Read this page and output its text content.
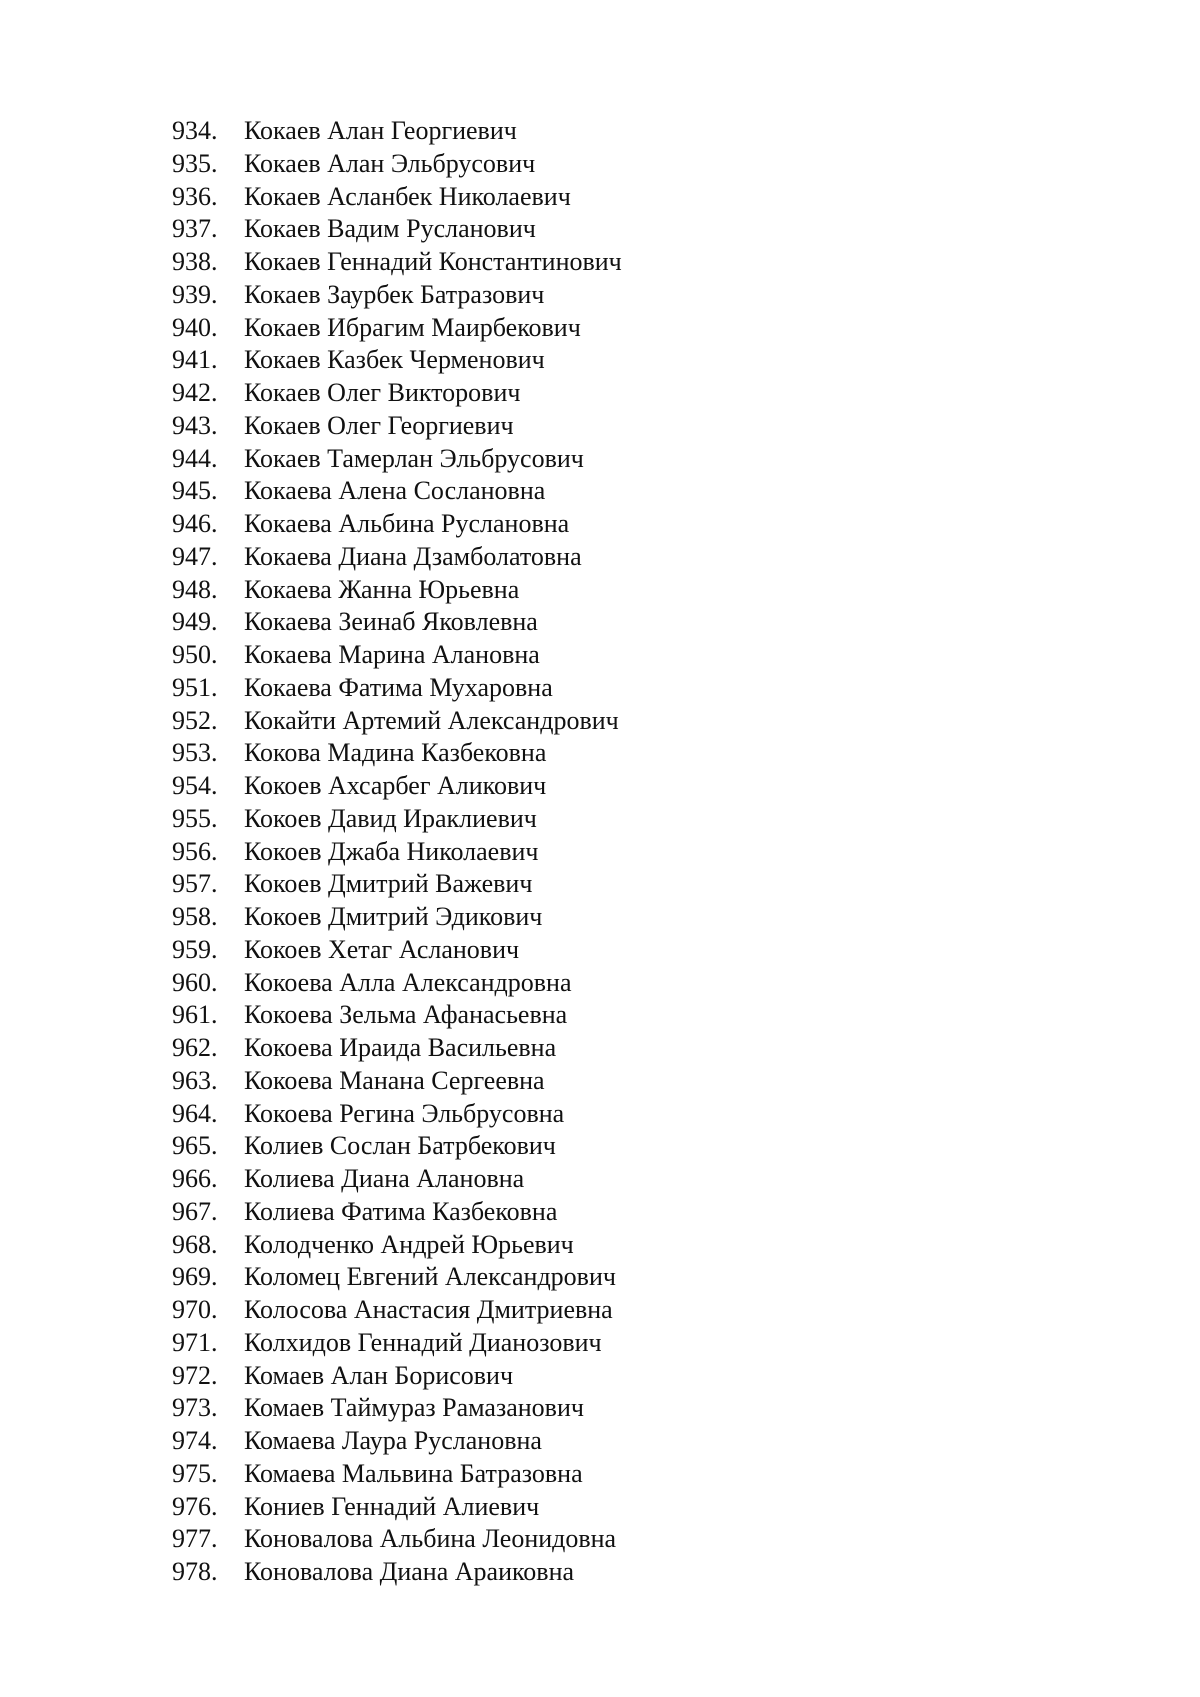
934.	Кокаев Алан Георгиевич
935.	Кокаев Алан Эльбрусович
936.	Кокаев Асланбек Николаевич
937.	Кокаев Вадим Русланович
938.	Кокаев Геннадий Константинович
939.	Кокаев Заурбек Батразович
940.	Кокаев Ибрагим Маирбекович
941.	Кокаев Казбек Черменович
942.	Кокаев Олег Викторович
943.	Кокаев Олег Георгиевич
944.	Кокаев Тамерлан Эльбрусович
945.	Кокаева Алена Сослановна
946.	Кокаева Альбина Руслановна
947.	Кокаева Диана Дзамболатовна
948.	Кокаева Жанна Юрьевна
949.	Кокаева Зеинаб Яковлевна
950.	Кокаева Марина Алановна
951.	Кокаева Фатима Мухаровна
952.	Кокайти Артемий Александрович
953.	Кокова Мадина Казбековна
954.	Кокоев Ахсарбег Аликович
955.	Кокоев Давид Ираклиевич
956.	Кокоев Джаба Николаевич
957.	Кокоев Дмитрий Важевич
958.	Кокоев Дмитрий Эдикович
959.	Кокоев Хетаг Асланович
960.	Кокоева Алла Александровна
961.	Кокоева Зельма Афанасьевна
962.	Кокоева Ираида Васильевна
963.	Кокоева Манана Сергеевна
964.	Кокоева Регина Эльбрусовна
965.	Колиев Сослан Батрбекович
966.	Колиева Диана Алановна
967.	Колиева Фатима Казбековна
968.	Колодченко Андрей Юрьевич
969.	Коломец Евгений Александрович
970.	Колосова Анастасия Дмитриевна
971.	Колхидов Геннадий Дианозович
972.	Комаев Алан Борисович
973.	Комаев Таймураз Рамазанович
974.	Комаева Лаура Руслановна
975.	Комаева Мальвина Батразовна
976.	Кониев Геннадий Алиевич
977.	Коновалова Альбина Леонидовна
978.	Коновалова Диана Араиковна
